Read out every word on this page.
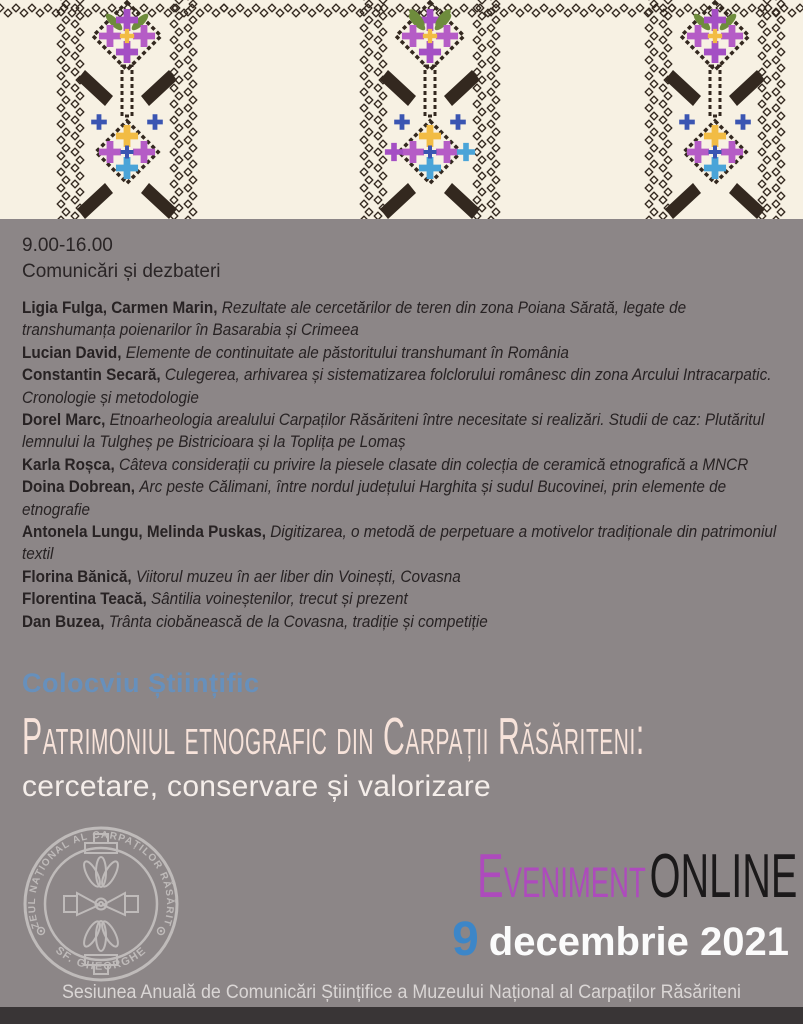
9.00-16.00
Comunicări și dezbateri

Ligia Fulga, Carmen Marin, Rezultate ale cercetărilor de teren din zona Poiana Sărată, legate de transhumanța poienarilor în Basarabia și Crimeea

Lucian David, Elemente de continuitate ale păstoritului transhumant în România

Constantin Secară, Culegerea, arhivarea și sistematizarea folclorului românesc din zona Arcului Intracarpatic. Cronologie și metodologie

Dorel Marc, Etnoarheologia arealului Carpaților Răsăriteni între necesitate si realizări. Studii de caz: Plutăritul lemnului la Tulgheș pe Bistricioara și la Toplița pe Lomaș

Karla Roșca, Câteva considerații cu privire la piesele clasate din colecția de ceramică etnografică a MNCR

Doina Dobrean, Arc peste Călimani, între nordul județului Harghita și sudul Bucovinei, prin elemente de etnografie

Antonela Lungu, Melinda Puskas, Digitizarea, o metodă de perpetuare a motivelor tradiționale din patrimoniul textil

Florina Bănică, Viitorul muzeu în aer liber din Voinești, Covasna

Florentina Teacă, Sântilia voineștenilor, trecut și prezent

Dan Buzea, Trânta ciobănească de la Covasna, tradiție și competiție

Colocviu Științific
Patrimoniul etnografic din Carpații Răsăriteni:
cercetare, conservare și valorizare
MUZEUL NAȚIONAL AL CARPAȚILOR RĂSĂRITENI
SF. GHEORGHE
EvenimentONLINE
9 decembrie 2021
Sesiunea Anuală de Comunicări Științifice a Muzeului Național al Carpaților Răsăriteni
